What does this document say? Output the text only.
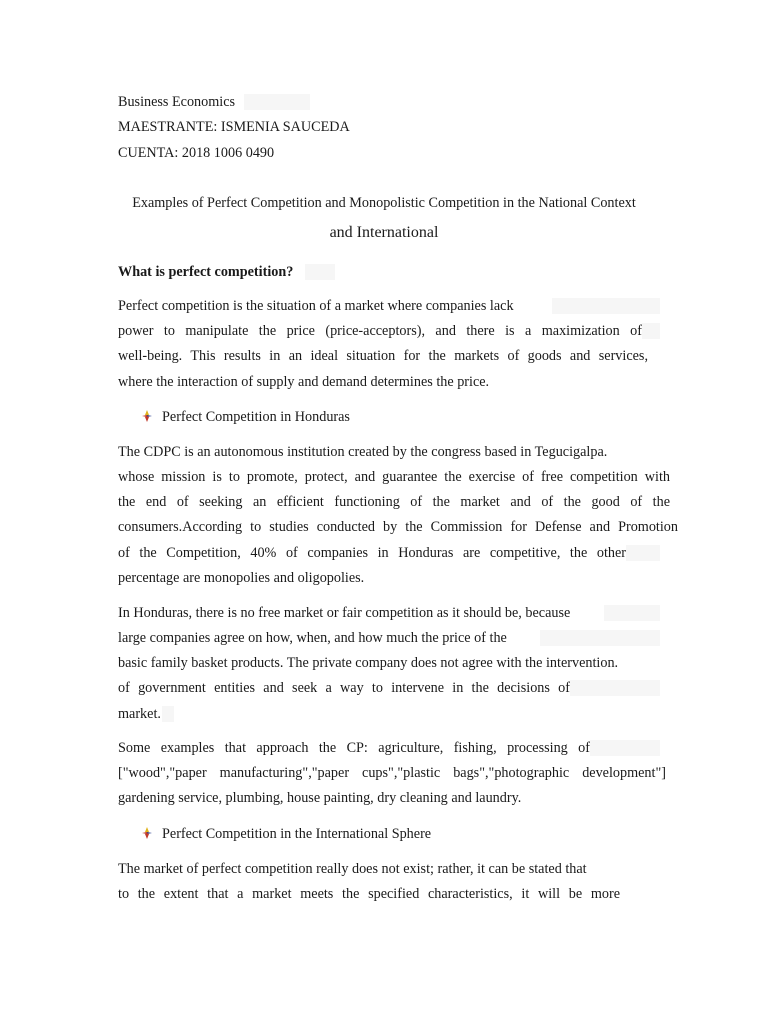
Business Economics
MAESTRANTE: ISMENIA SAUCEDA
CUENTA: 2018 1006 0490
Examples of Perfect Competition and Monopolistic Competition in the National Context
and International
What is perfect competition?
Perfect competition is the situation of a market where companies lack
power to manipulate the price (price-acceptors), and there is a maximization of
well-being. This results in an ideal situation for the markets of goods and services,
where the interaction of supply and demand determines the price.
Perfect Competition in Honduras
The CDPC is an autonomous institution created by the congress based in Tegucigalpa.
whose mission is to promote, protect, and guarantee the exercise of free competition with
the end of seeking an efficient functioning of the market and of the good of the
consumers.According to studies conducted by the Commission for Defense and Promotion
of the Competition, 40% of companies in Honduras are competitive, the other
percentage are monopolies and oligopolies.
In Honduras, there is no free market or fair competition as it should be, because
large companies agree on how, when, and how much the price of the
basic family basket products. The private company does not agree with the intervention.
of government entities and seek a way to intervene in the decisions of
market.
Some examples that approach the CP: agriculture, fishing, processing of
["wood","paper manufacturing","paper cups","plastic bags","photographic development"]
gardening service, plumbing, house painting, dry cleaning and laundry.
Perfect Competition in the International Sphere
The market of perfect competition really does not exist; rather, it can be stated that
to the extent that a market meets the specified characteristics, it will be more
